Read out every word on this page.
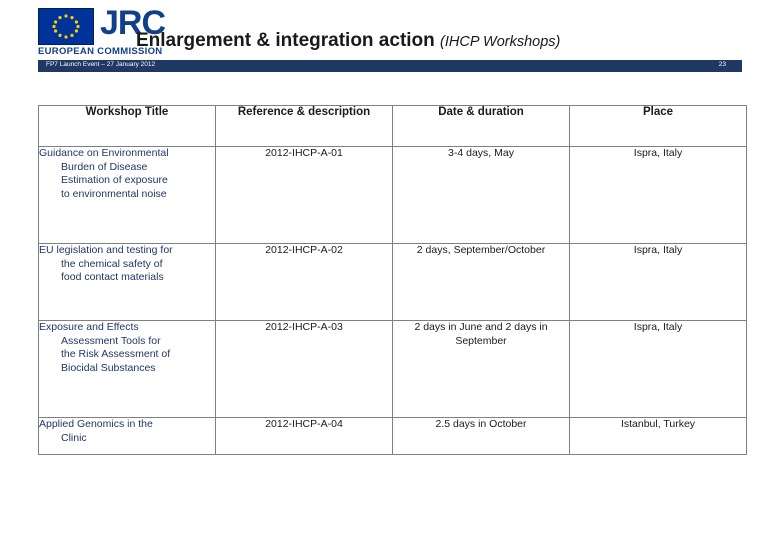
JRC
EUROPEAN COMMISSION
Enlargement & integration action (IHCP Workshops)
FP7 Launch Event – 27 January 2012	23
Workshop Title	Reference & description	Date & duration	Place

Guidance on Environmental
Burden of Disease
Estimation of exposure
to environmental noise	2012-IHCP-A-01	3-4 days, May	Ispra, Italy

EU legislation and testing for
the chemical safety of
food contact materials	2012-IHCP-A-02	2 days, September/October	Ispra, Italy

Exposure and Effects
Assessment Tools for
the Risk Assessment of
Biocidal Substances	2012-IHCP-A-03	2 days in June and 2 days in September	Ispra, Italy

Applied Genomics in the
Clinic	2012-IHCP-A-04	2.5 days in October	Istanbul, Turkey
